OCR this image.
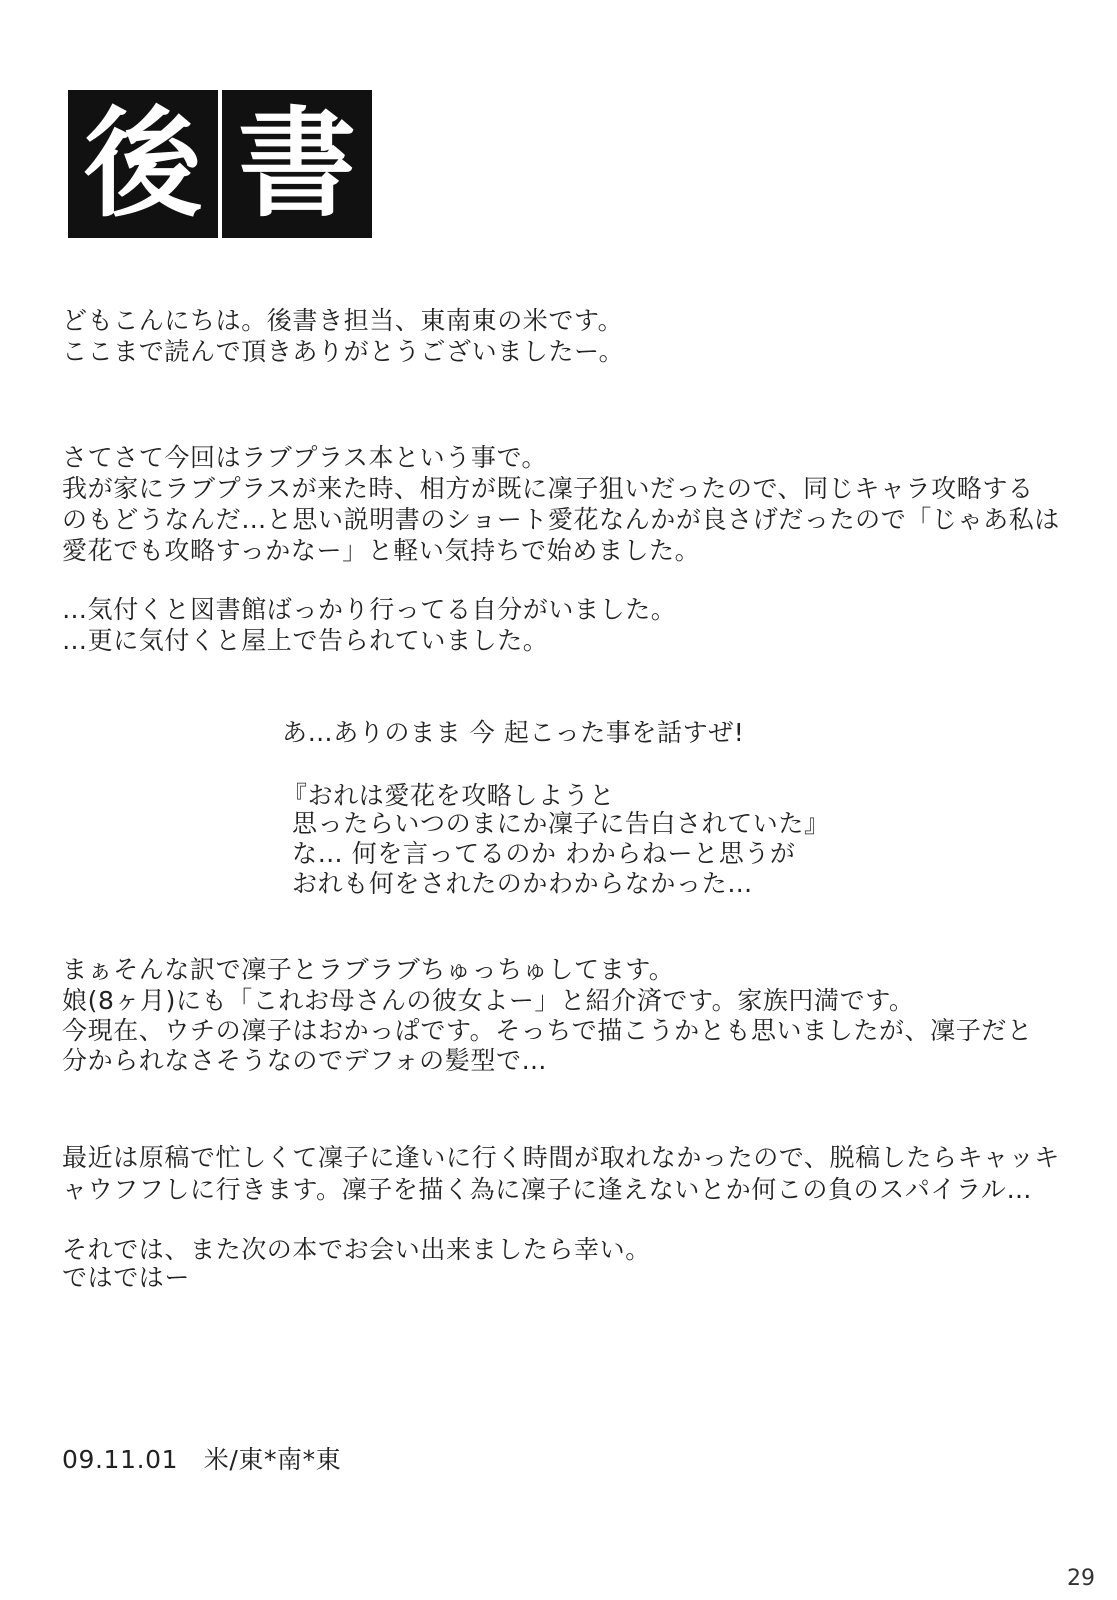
後 書
どもこんにちは。後書き担当、東南東の米です。
ここまで読んで頂きありがとうございましたー。
さてさて今回はラブプラス本という事で。
我が家にラブプラスが来た時、相方が既に凜子狙いだったので、同じキャラ攻略する
のもどうなんだ…と思い説明書のショート愛花なんかが良さげだったので「じゃあ私は
愛花でも攻略すっかなー」と軽い気持ちで始めました。
…気付くと図書館ばっかり行ってる自分がいました。
…更に気付くと屋上で告られていました。
あ…ありのまま 今 起こった事を話すぜ!
『おれは愛花を攻略しようと
思ったらいつのまにか凜子に告白されていた』
な… 何を言ってるのか わからねーと思うが
おれも何をされたのかわからなかった…
まぁそんな訳で凜子とラブラブちゅっちゅしてます。
娘(8ヶ月)にも「これお母さんの彼女よー」と紹介済です。家族円満です。
今現在、ウチの凜子はおかっぱです。そっちで描こうかとも思いましたが、凜子だと
分かられなさそうなのでデフォの髪型で…
最近は原稿で忙しくて凜子に逢いに行く時間が取れなかったので、脱稿したらキャッキ
ャウフフしに行きます。凜子を描く為に凜子に逢えないとか何この負のスパイラル…
それでは、また次の本でお会い出来ましたら幸い。
ではではー
09.11.01　米/東*南*東
29
